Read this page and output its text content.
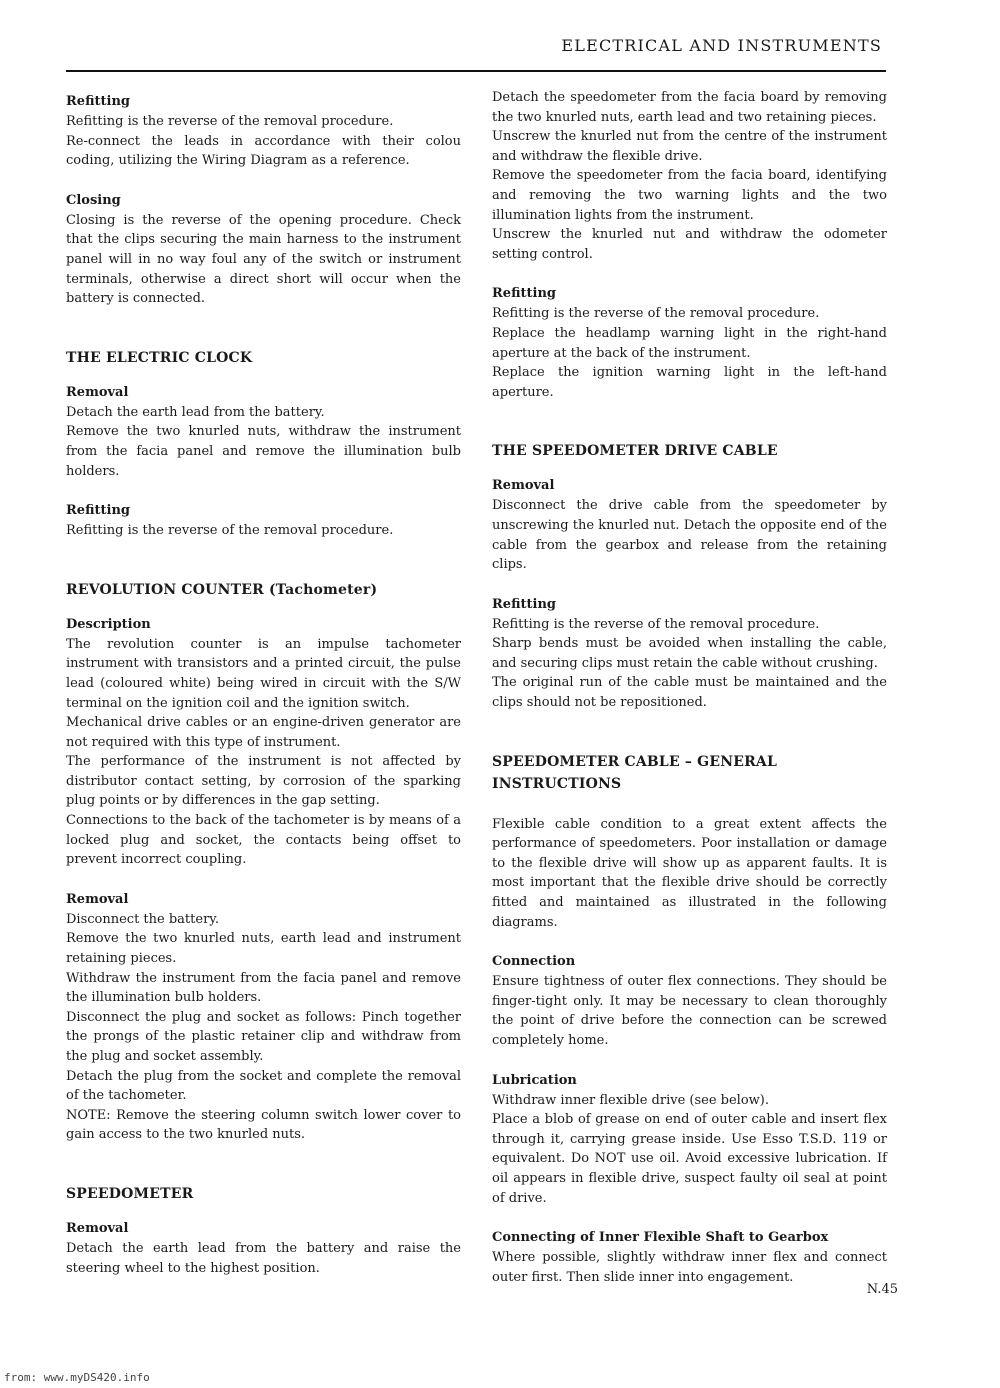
ELECTRICAL AND INSTRUMENTS
Refitting

Refitting is the reverse of the removal procedure.

Re-connect the leads in accordance with their colou coding, utilizing the Wiring Diagram as a reference.

Closing

Closing is the reverse of the opening procedure. Check that the clips securing the main harness to the instrument panel will in no way foul any of the switch or instrument terminals, otherwise a direct short will occur when the battery is connected.

THE ELECTRIC CLOCK
Removal

Detach the earth lead from the battery.

Remove the two knurled nuts, withdraw the instrument from the facia panel and remove the illumination bulb holders.

Refitting

Refitting is the reverse of the removal procedure.

REVOLUTION COUNTER (Tachometer)
Description

The revolution counter is an impulse tachometer instrument with transistors and a printed circuit, the pulse lead (coloured white) being wired in circuit with the S/W terminal on the ignition coil and the ignition switch.

Mechanical drive cables or an engine-driven generator are not required with this type of instrument.

The performance of the instrument is not affected by distributor contact setting, by corrosion of the sparking plug points or by differences in the gap setting.

Connections to the back of the tachometer is by means of a locked plug and socket, the contacts being offset to prevent incorrect coupling.

Removal

Disconnect the battery.

Remove the two knurled nuts, earth lead and instrument retaining pieces.

Withdraw the instrument from the facia panel and remove the illumination bulb holders.

Disconnect the plug and socket as follows: Pinch together the prongs of the plastic retainer clip and withdraw from the plug and socket assembly.

Detach the plug from the socket and complete the removal of the tachometer.

NOTE: Remove the steering column switch lower cover to gain access to the two knurled nuts.

SPEEDOMETER
Removal

Detach the earth lead from the battery and raise the steering wheel to the highest position.

Detach the speedometer from the facia board by removing the two knurled nuts, earth lead and two retaining pieces.

Unscrew the knurled nut from the centre of the instrument and withdraw the flexible drive.

Remove the speedometer from the facia board, identifying and removing the two warning lights and the two illumination lights from the instrument.

Unscrew the knurled nut and withdraw the odometer setting control.

Refitting

Refitting is the reverse of the removal procedure.

Replace the headlamp warning light in the right-hand aperture at the back of the instrument.

Replace the ignition warning light in the left-hand aperture.

THE SPEEDOMETER DRIVE CABLE
Removal

Disconnect the drive cable from the speedometer by unscrewing the knurled nut. Detach the opposite end of the cable from the gearbox and release from the retaining clips.

Refitting

Refitting is the reverse of the removal procedure.

Sharp bends must be avoided when installing the cable, and securing clips must retain the cable without crushing.

The original run of the cable must be maintained and the clips should not be repositioned.

SPEEDOMETER CABLE – GENERAL INSTRUCTIONS

Flexible cable condition to a great extent affects the performance of speedometers. Poor installation or damage to the flexible drive will show up as apparent faults. It is most important that the flexible drive should be correctly fitted and maintained as illustrated in the following diagrams.

Connection

Ensure tightness of outer flex connections. They should be finger-tight only. It may be necessary to clean thoroughly the point of drive before the connection can be screwed completely home.

Lubrication

Withdraw inner flexible drive (see below).

Place a blob of grease on end of outer cable and insert flex through it, carrying grease inside. Use Esso T.S.D. 119 or equivalent. Do NOT use oil. Avoid excessive lubrication. If oil appears in flexible drive, suspect faulty oil seal at point of drive.

Connecting of Inner Flexible Shaft to Gearbox

Where possible, slightly withdraw inner flex and connect outer first. Then slide inner into engagement.

N.45
from: www.myDS420.info
